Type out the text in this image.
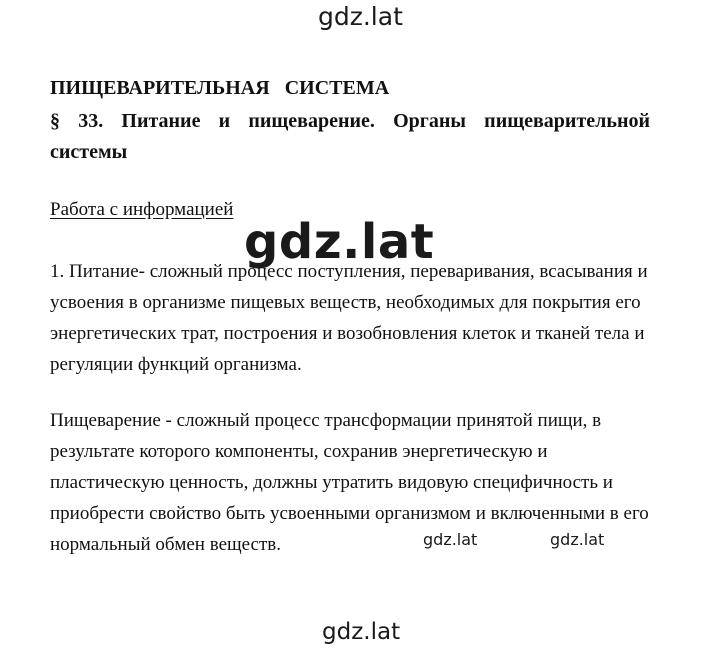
gdz.lat
ПИЩЕВАРИТЕЛЬНАЯ   СИСТЕМА
§ 33. Питание и пищеварение. Органы пищеварительной системы
Работа с информацией
1. Питание- сложный процесс поступления, переваривания, всасывания и усвоения в организме пищевых веществ, необходимых для покрытия его энергетических трат, построения и возобновления клеток и тканей тела и регуляции функций организма.
Пищеварение - сложный процесс трансформации принятой пищи, в результате которого компоненты, сохранив энергетическую и пластическую ценность, должны утратить видовую специфичность и приобрести свойство быть усвоенными организмом и включенными в его нормальный обмен веществ.
gdz.lat
gdz.lat	gdz.lat
gdz.lat
